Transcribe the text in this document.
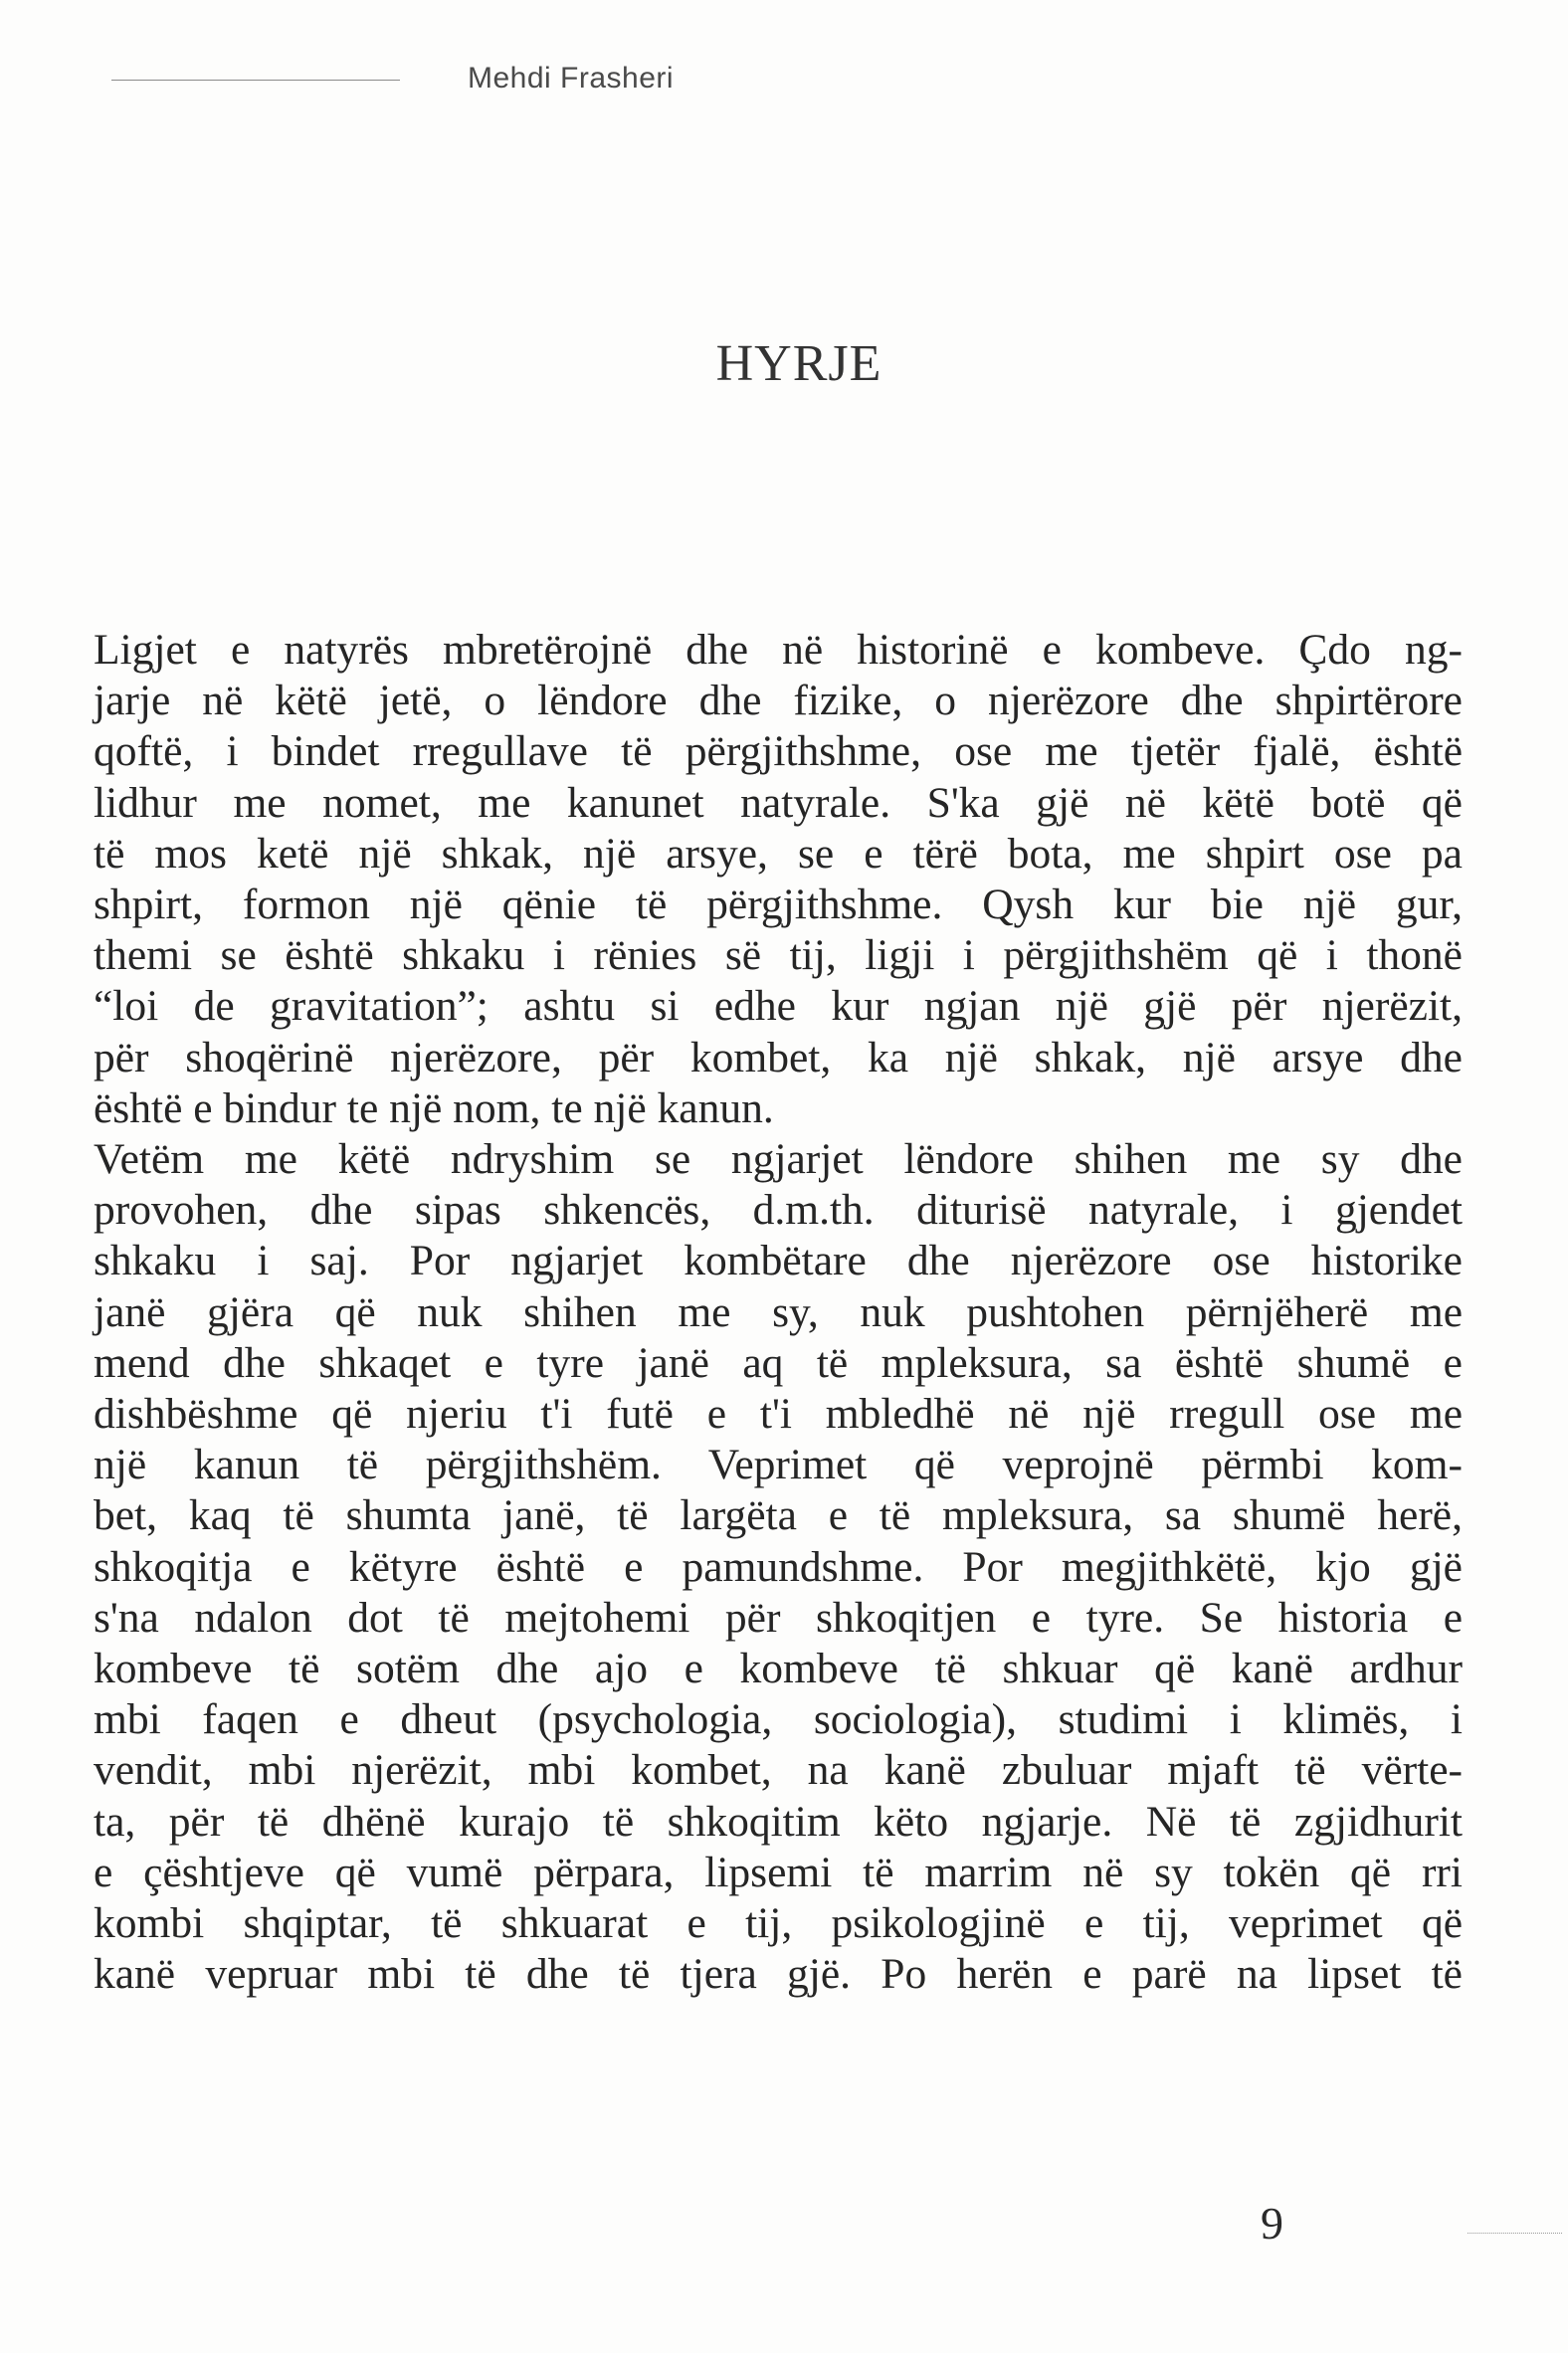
Mehdi Frasheri
HYRJE
Ligjet e natyrës mbretërojnë dhe në historinë e kombeve. Çdo ng-
jarje në këtë jetë, o lëndore dhe fizike, o njerëzore dhe shpirtërore
qoftë, i bindet rregullave të përgjithshme, ose me tjetër fjalë, është
lidhur me nomet, me kanunet natyrale. S'ka gjë në këtë botë që
të mos ketë një shkak, një arsye, se e tërë bota, me shpirt ose pa
shpirt, formon një qënie të përgjithshme. Qysh kur bie një gur,
themi se është shkaku i rënies së tij, ligji i përgjithshëm që i thonë
“loi de gravitation”; ashtu si edhe kur ngjan një gjë për njerëzit,
për shoqërinë njerëzore, për kombet, ka një shkak, një arsye dhe
është e bindur te një nom, te një kanun.
Vetëm me këtë ndryshim se ngjarjet lëndore shihen me sy dhe
provohen, dhe sipas shkencës, d.m.th. diturisë natyrale, i gjendet
shkaku i saj. Por ngjarjet kombëtare dhe njerëzore ose historike
janë gjëra që nuk shihen me sy, nuk pushtohen përnjëherë me
mend dhe shkaqet e tyre janë aq të mpleksura, sa është shumë e
dishbëshme që njeriu t'i futë e t'i mbledhë në një rregull ose me
një kanun të përgjithshëm. Veprimet që veprojnë përmbi kom-
bet, kaq të shumta janë, të largëta e të mpleksura, sa shumë herë,
shkoqitja e këtyre është e pamundshme. Por megjithkëtë, kjo gjë
s'na ndalon dot të mejtohemi për shkoqitjen e tyre. Se historia e
kombeve të sotëm dhe ajo e kombeve të shkuar që kanë ardhur
mbi faqen e dheut (psychologia, sociologia), studimi i klimës, i
vendit, mbi njerëzit, mbi kombet, na kanë zbuluar mjaft të vërte-
ta, për të dhënë kurajo të shkoqitim këto ngjarje. Në të zgjidhurit
e çështjeve që vumë përpara, lipsemi të marrim në sy tokën që rri
kombi shqiptar, të shkuarat e tij, psikologjinë e tij, veprimet që
kanë vepruar mbi të dhe të tjera gjë. Po herën e parë na lipset të
9
